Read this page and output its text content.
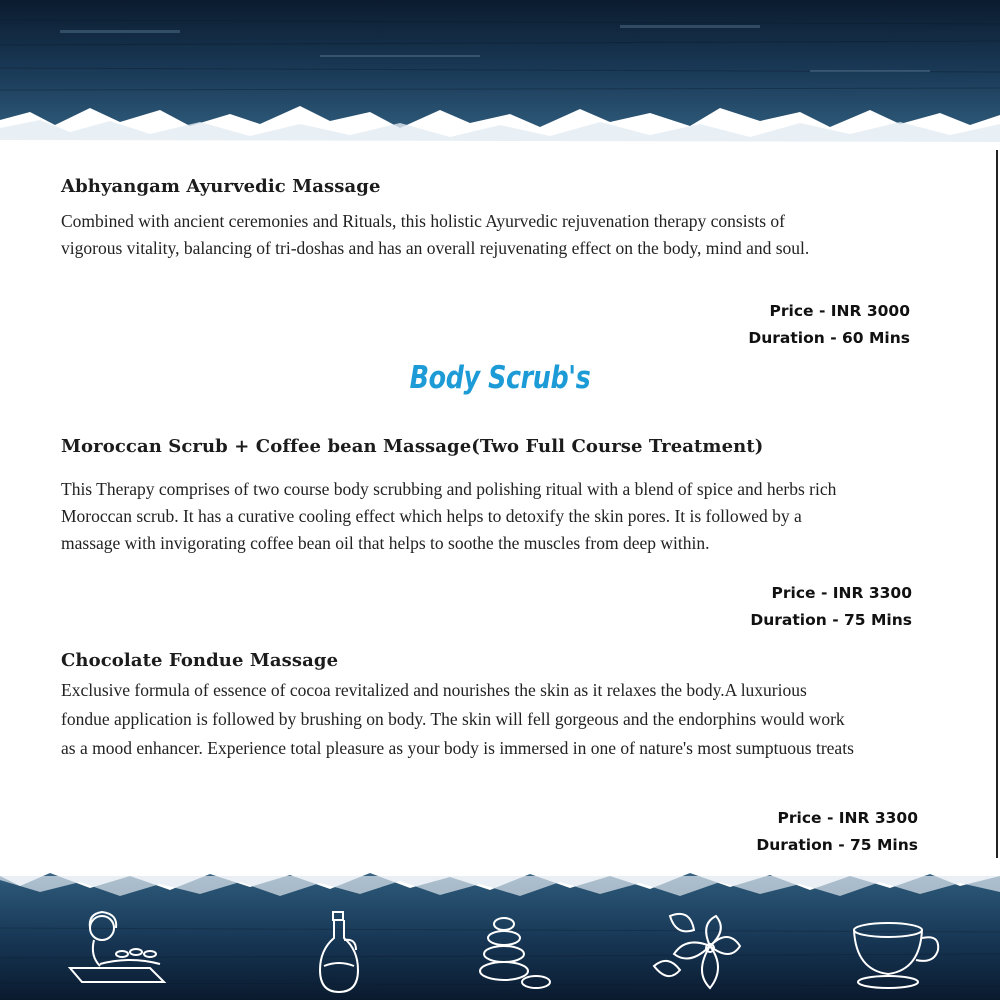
Abhyangam Ayurvedic Massage
Combined with ancient ceremonies and Rituals, this holistic Ayurvedic rejuvenation therapy consists of
vigorous vitality, balancing of tri-doshas and has an overall rejuvenating effect on the body, mind and soul.
Price - INR 3000
Duration - 60 Mins
Body Scrub's
Moroccan Scrub + Coffee bean Massage(Two Full Course Treatment)
This Therapy comprises of two course body scrubbing and polishing ritual with a blend of spice and herbs rich
Moroccan scrub. It has a curative cooling effect which helps to detoxify the skin pores. It is followed by a
massage with invigorating coffee bean oil that helps to soothe the muscles from deep within.
Price - INR 3300
Duration - 75 Mins
Chocolate Fondue Massage
Exclusive formula of essence of cocoa revitalized and nourishes the skin as it relaxes the body.A luxurious
fondue application is followed by brushing on body. The skin will fell gorgeous and the endorphins would work
as a mood enhancer. Experience total pleasure as your body is immersed in one of nature's most sumptuous treats
Price - INR 3300
Duration - 75 Mins
